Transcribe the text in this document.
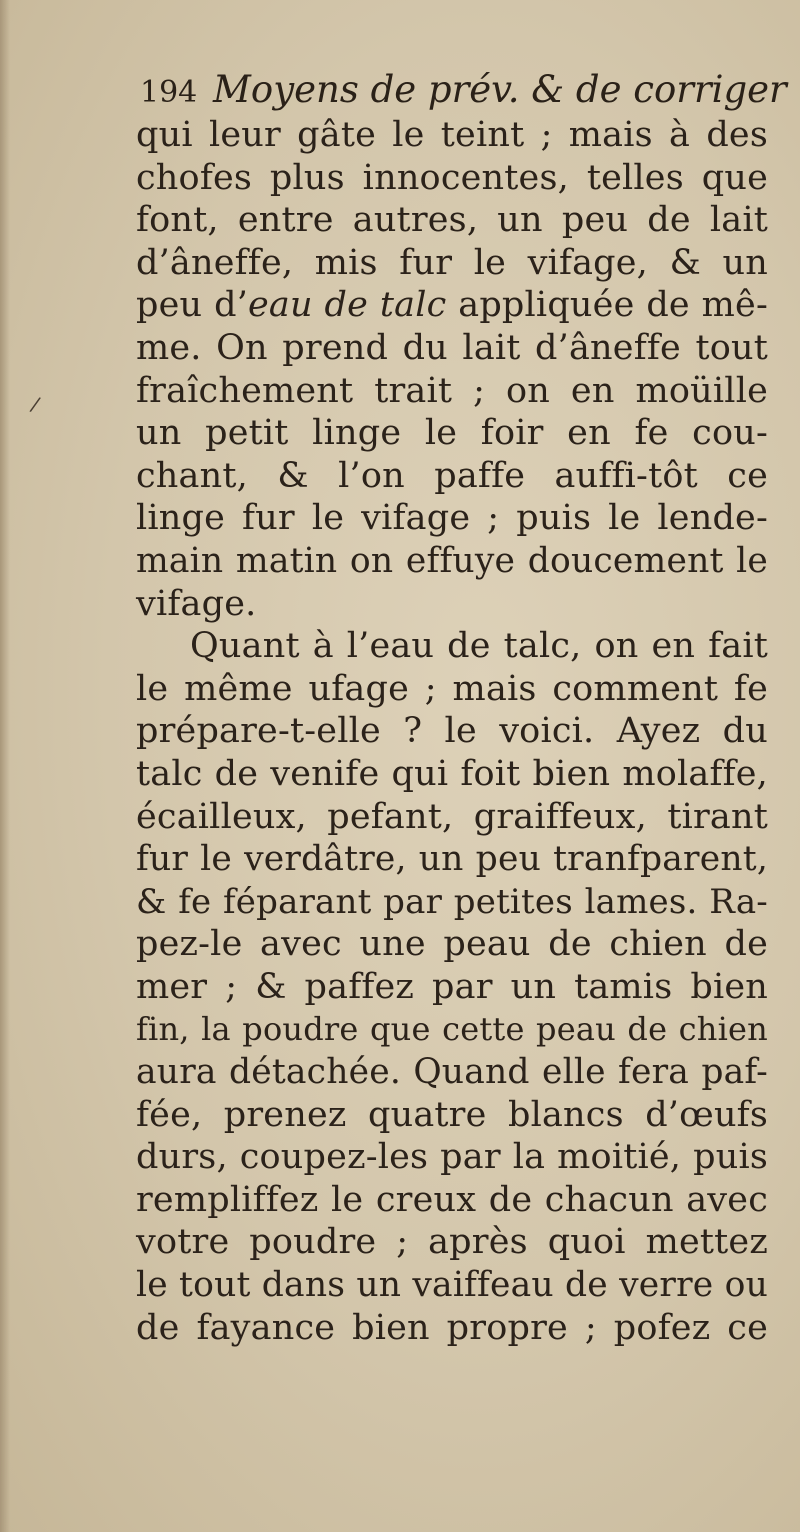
194 Moyens de prév. & de corriger
/
qui leur gâte le teint ; mais à des
chofes plus innocentes, telles que
font, entre autres, un peu de lait
d’âneffe, mis fur le vifage, & un
peu d’eau de talc appliquée de mê-
me. On prend du lait d’âneffe tout
fraîchement trait ; on en moüille
un petit linge le foir en fe cou-
chant, & l’on paffe auffi-tôt ce
linge fur le vifage ; puis le lende-
main matin on effuye doucement le
vifage.
Quant à l’eau de talc, on en fait
le même ufage ; mais comment fe
prépare-t-elle ? le voici. Ayez du
talc de venife qui foit bien molaffe,
écailleux, pefant, graiffeux, tirant
fur le verdâtre, un peu tranfparent,
& fe féparant par petites lames. Ra-
pez-le avec une peau de chien de
mer ; & paffez par un tamis bien
fin, la poudre que cette peau de chien
aura détachée. Quand elle fera paf-
fée, prenez quatre blancs d’œufs
durs, coupez-les par la moitié, puis
rempliffez le creux de chacun avec
votre poudre ; après quoi mettez
le tout dans un vaiffeau de verre ou
de fayance bien propre ; pofez ce
